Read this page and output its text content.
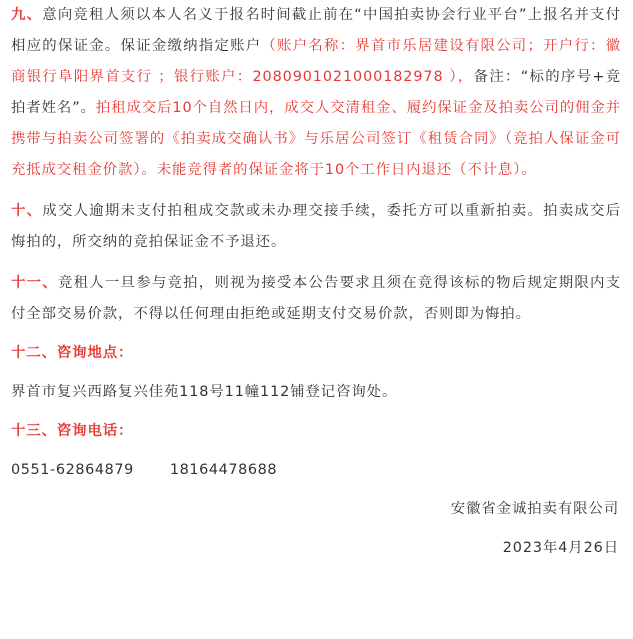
九、意向竞租人须以本人名义于报名时间截止前在“中国拍卖协会行业平台”上报名并支付相应的保证金。保证金缴纳指定账户（账户名称：界首市乐居建设有限公司；开户行：徽商银行阜阳界首支行 ；银行账户：2080901021000182978 ），备注：“标的序号+竞拍者姓名”。拍租成交后10个自然日内，成交人交清租金、履约保证金及拍卖公司的佣金并携带与拍卖公司签署的《拍卖成交确认书》与乐居公司签订《租赁合同》（竞拍人保证金可充抵成交租金价款）。未能竞得者的保证金将于10个工作日内退还（不计息）。

十、成交人逾期未支付拍租成交款或未办理交接手续，委托方可以重新拍卖。拍卖成交后悔拍的，所交纳的竞拍保证金不予退还。

十一、竞租人一旦参与竞拍，则视为接受本公告要求且须在竞得该标的物后规定期限内支付全部交易价款，不得以任何理由拒绝或延期支付交易价款，否则即为悔拍。

十二、咨询地点：

界首市复兴西路复兴佳苑118号11幢112铺登记咨询处。

十三、咨询电话：

0551-62864879	18164478688

安徽省金诚拍卖有限公司

2023年4月26日
